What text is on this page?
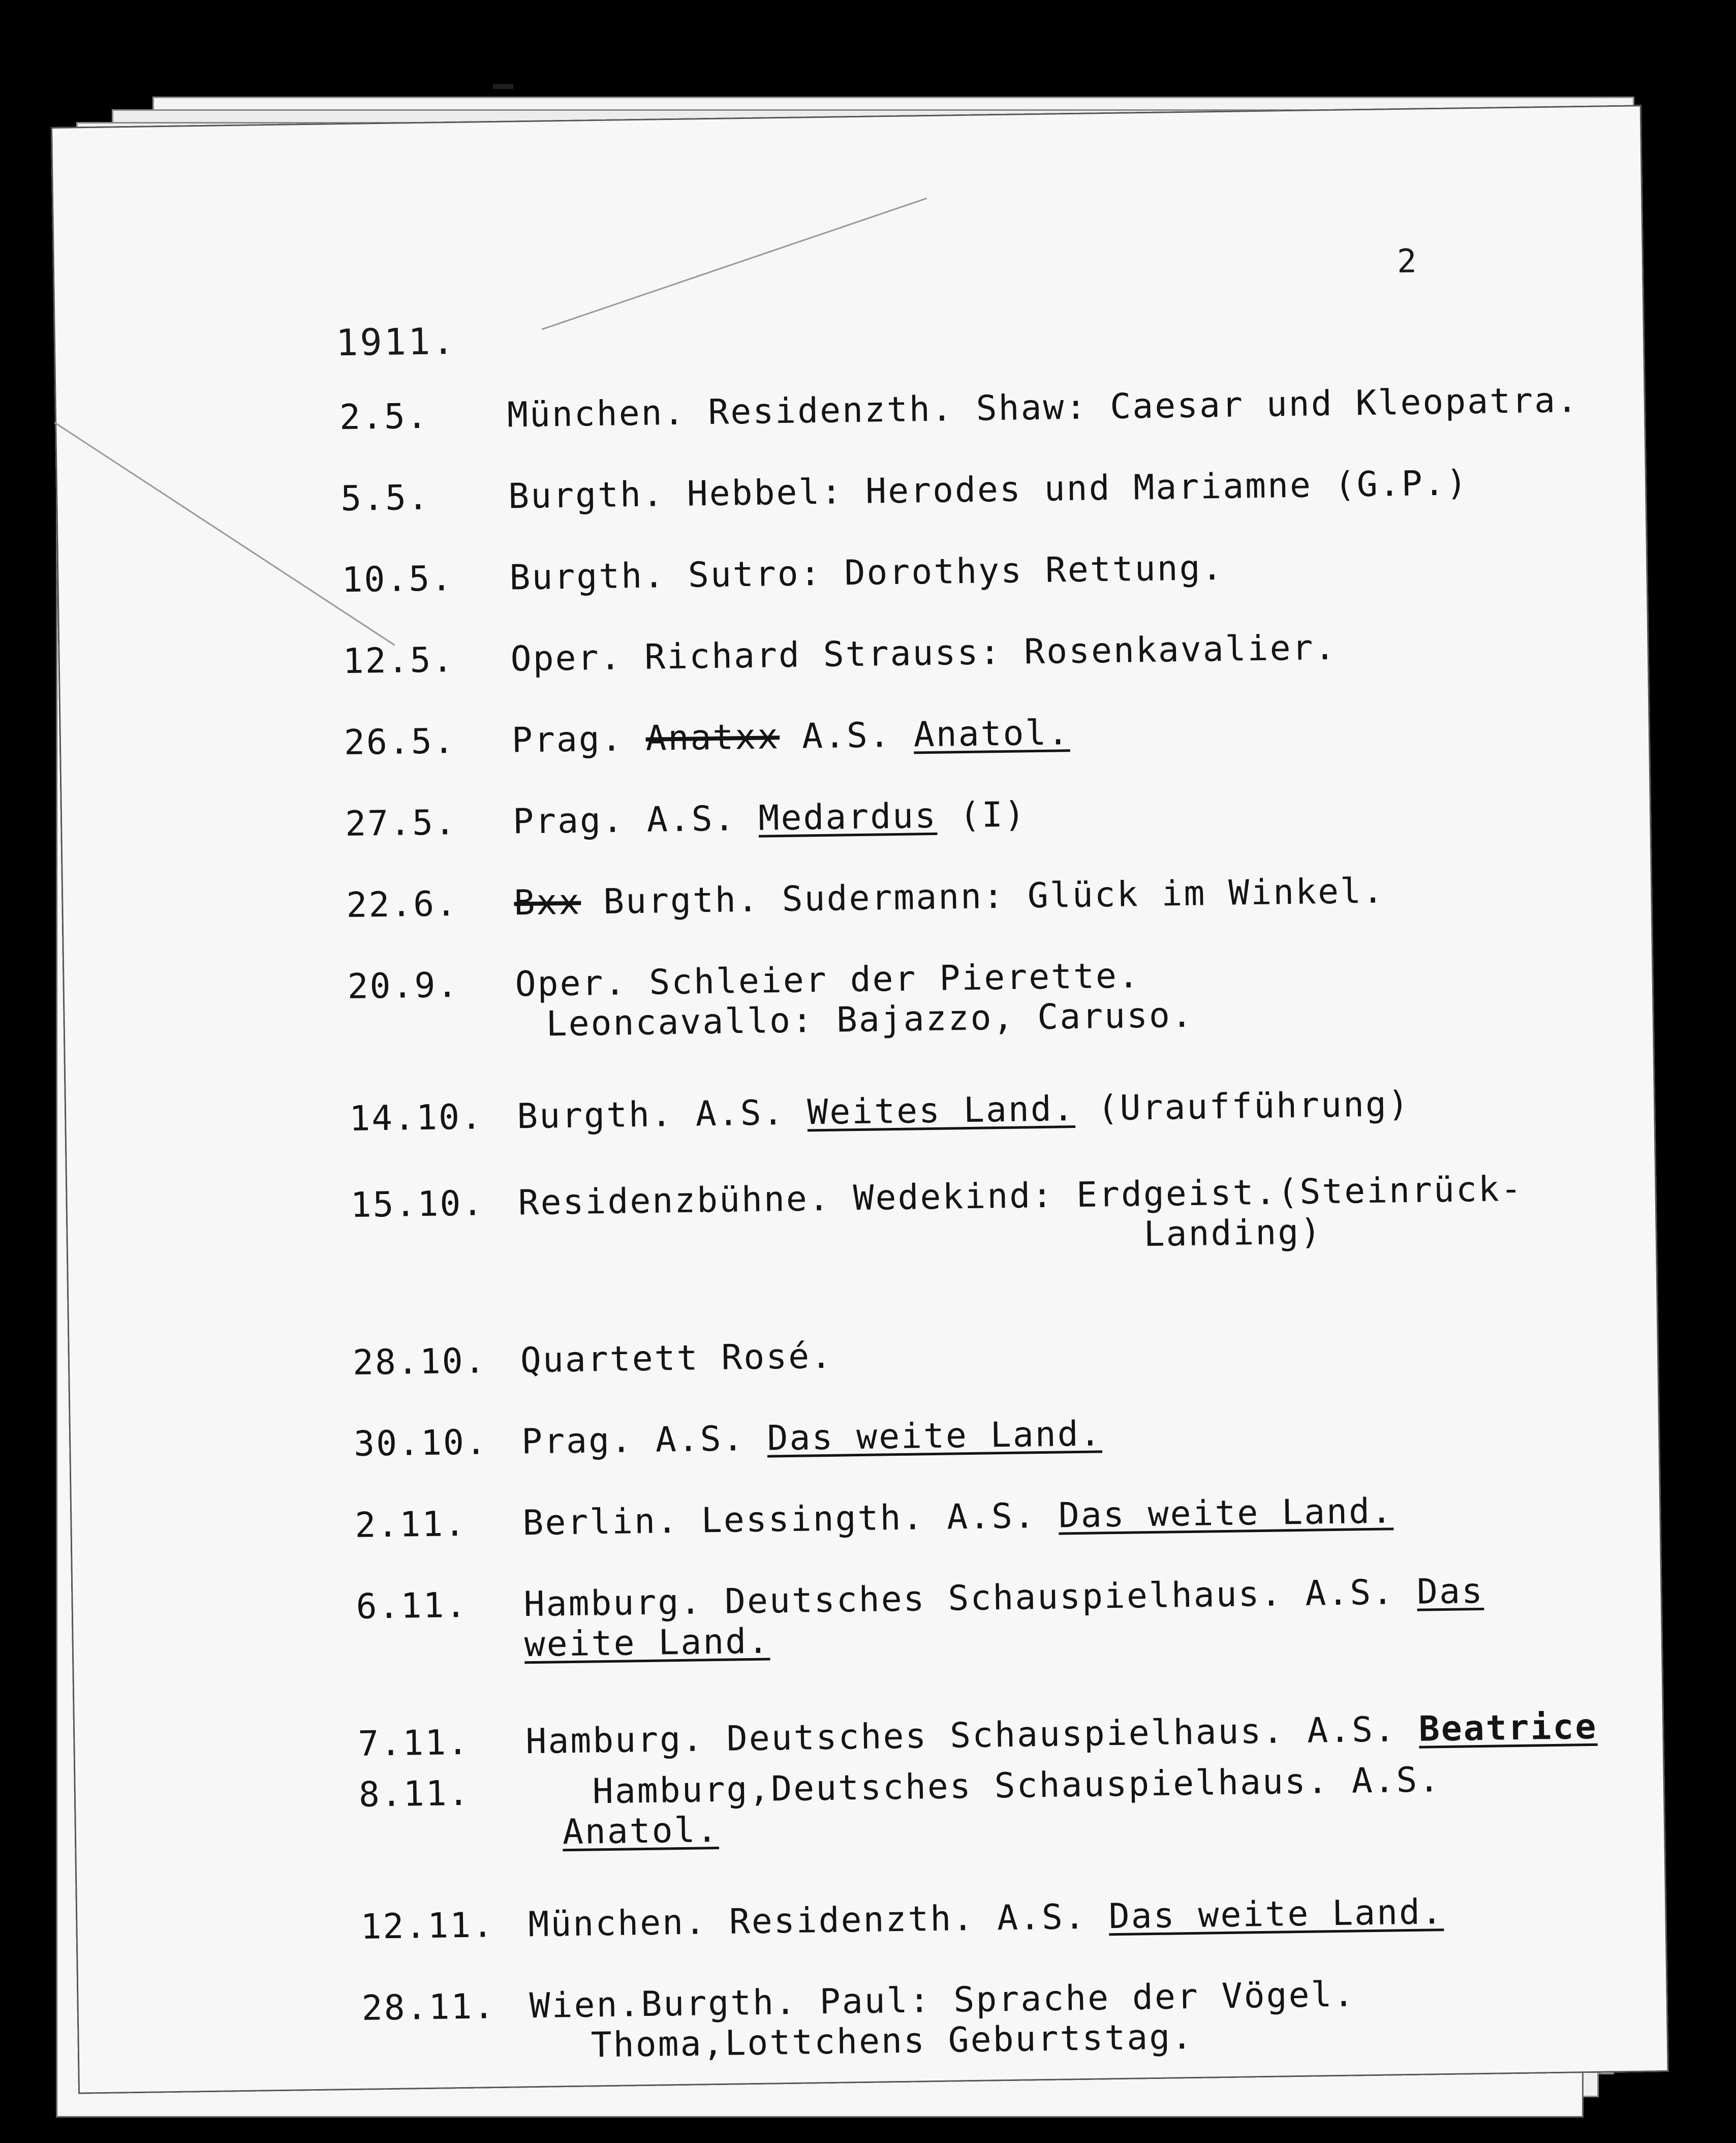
2
1911.
2.5. München. Residenzth. Shaw: Caesar und Kleopatra.
5.5. Burgth. Hebbel: Herodes und Mariamne (G.P.)
10.5. Burgth. Sutro: Dorothys Rettung.
12.5. Oper. Richard Strauss: Rosenkavalier.
26.5. Prag. Anatxx A.S. Anatol.
27.5. Prag. A.S. Medardus (I)
22.6. Bxx Burgth. Sudermann: Glück im Winkel.
20.9. Oper. Schleier der Pierette.
Leoncavallo: Bajazzo, Caruso.
14.10. Burgth. A.S. Weites Land. (Uraufführung)
15.10. Residenzbühne. Wedekind: Erdgeist.(Steinrück-
Landing)
28.10. Quartett Rosé.
30.10. Prag. A.S. Das weite Land.
2.11. Berlin. Lessingth. A.S. Das weite Land.
6.11. Hamburg. Deutsches Schauspielhaus. A.S. Das
weite Land.
7.11. Hamburg. Deutsches Schauspielhaus. A.S. Beatrice
8.11.	Hamburg,Deutsches Schauspielhaus. A.S.
Anatol.
12.11. München. Residenzth. A.S. Das weite Land.
28.11. Wien.Burgth. Paul: Sprache der Vögel.
Thoma,Lottchens Geburtstag.
